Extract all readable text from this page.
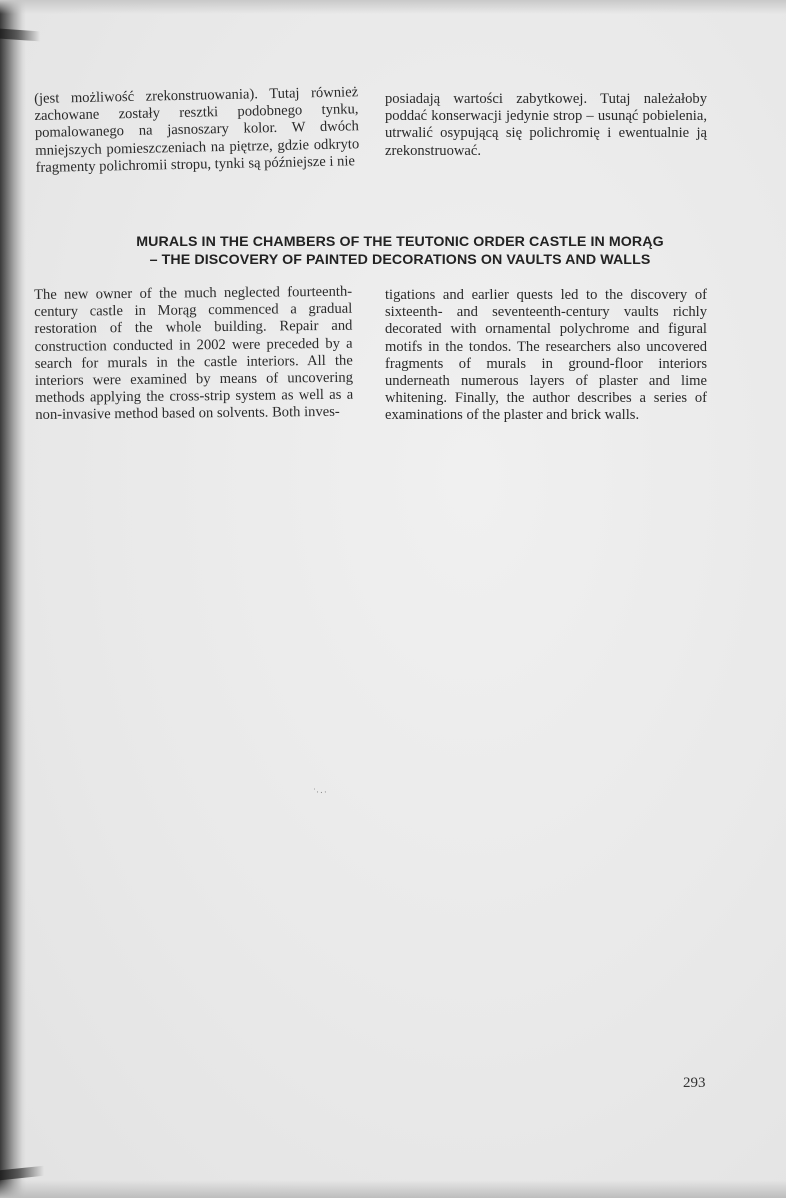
(jest możliwość zrekonstruowania). Tutaj również zachowane zostały resztki podobnego tynku, pomalowanego na jasnoszary kolor. W dwóch mniejszych pomieszczeniach na piętrze, gdzie odkryto fragmenty polichromii stropu, tynki są późniejsze i nie

posiadają wartości zabytkowej. Tutaj należałoby poddać konserwacji jedynie strop – usunąć pobielenia, utrwalić osypującą się polichromię i ewentualnie ją zrekonstruować.

MURALS IN THE CHAMBERS OF THE TEUTONIC ORDER CASTLE IN MORĄG
– THE DISCOVERY OF PAINTED DECORATIONS ON VAULTS AND WALLS

The new owner of the much neglected fourteenth-century castle in Morąg commenced a gradual restoration of the whole building. Repair and construction conducted in 2002 were preceded by a search for murals in the castle interiors. All the interiors were examined by means of uncovering methods applying the cross-strip system as well as a non-invasive method based on solvents. Both inves-

tigations and earlier quests led to the discovery of sixteenth- and seventeenth-century vaults richly decorated with ornamental polychrome and figural motifs in the tondos. The researchers also uncovered fragments of murals in ground-floor interiors underneath numerous layers of plaster and lime whitening. Finally, the author describes a series of examinations of the plaster and brick walls.

˙·٠·
293
